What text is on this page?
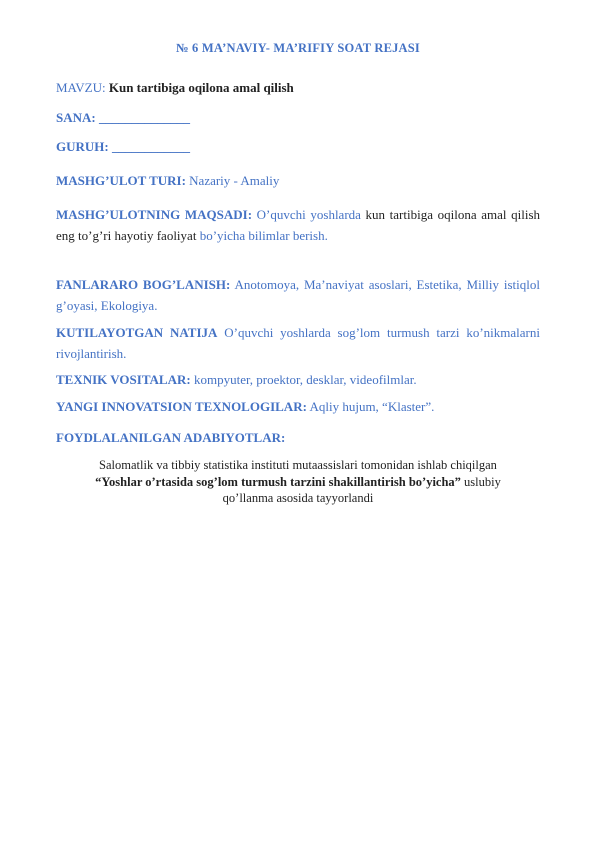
№ 6 MA’NAVIY- MA’RIFIY SOAT REJASI
MAVZU: Kun tartibiga oqilona amal qilish
SANA: ______________
GURUH: ____________
MASHG’ULOT TURI: Nazariy - Amaliy
MASHG’ULOTNING MAQSADI: O’quvchi yoshlarda kun tartibiga oqilona amal qilish eng to’g’ri hayotiy faoliyat bo’yicha bilimlar berish.
FANLARARO BOG’LANISH: Anotomoya, Ma’naviyat asoslari, Estetika, Milliy istiqlol g’oyasi, Ekologiya.
KUTILAYOTGAN NATIJA O’quvchi yoshlarda sog’lom turmush tarzi ko’nikmalarni rivojlantirish.
TEXNIK VOSITALAR: kompyuter, proektor, desklar, videofilmlar.
YANGI INNOVATSION TEXNOLOGILAR: Aqliy hujum, “Klaster”.
FOYDLALANILGAN ADABIYOTLAR:
Salomatlik va tibbiy statistika instituti mutaassislari tomonidan ishlab chiqilgan
“Yoshlar o’rtasida sog’lom turmush tarzini shakillantirish bo’yicha” uslubiy
qo’llanma asosida tayyorlandi
